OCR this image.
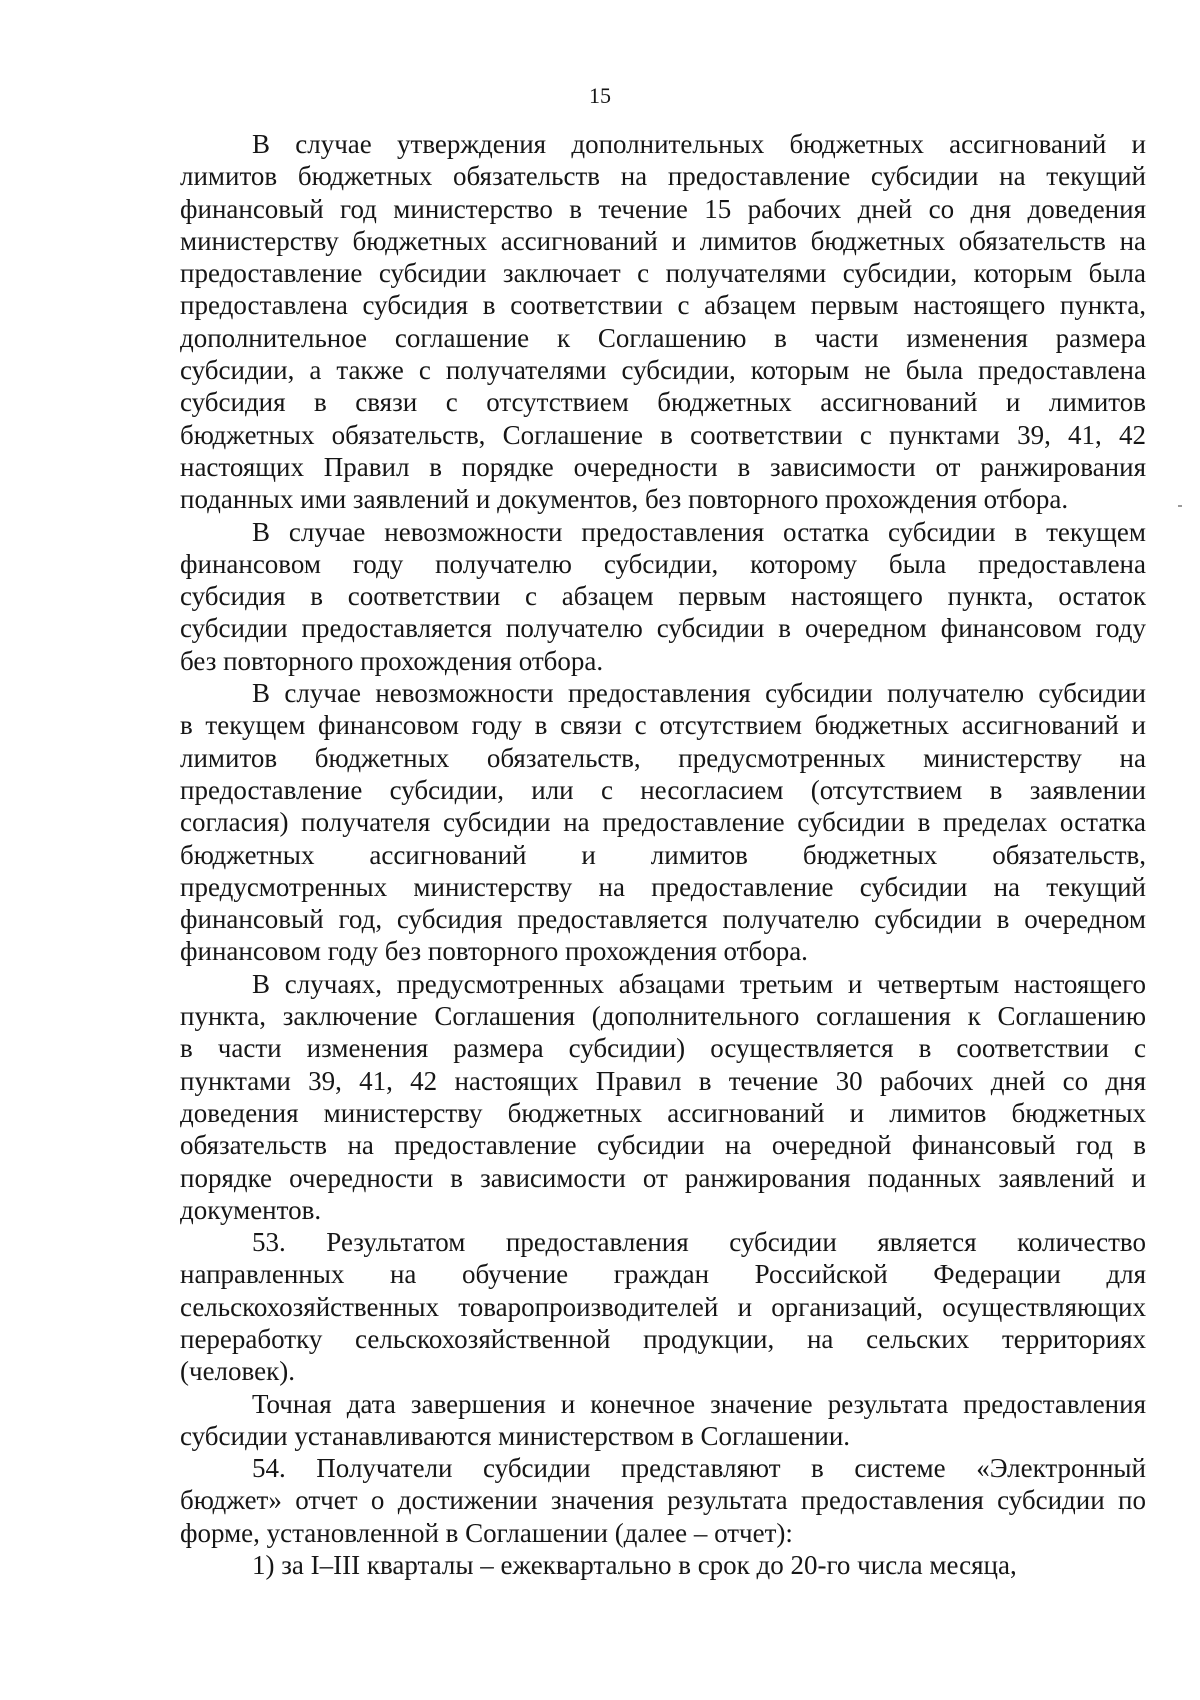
15
В случае утверждения дополнительных бюджетных ассигнований и
лимитов бюджетных обязательств на предоставление субсидии на текущий
финансовый год министерство в течение 15 рабочих дней со дня доведения
министерству бюджетных ассигнований и лимитов бюджетных обязательств на
предоставление субсидии заключает с получателями субсидии, которым была
предоставлена субсидия в соответствии с абзацем первым настоящего пункта,
дополнительное соглашение к Соглашению в части изменения размера
субсидии, а также с получателями субсидии, которым не была предоставлена
субсидия в связи с отсутствием бюджетных ассигнований и лимитов
бюджетных обязательств, Соглашение в соответствии с пунктами 39, 41, 42
настоящих Правил в порядке очередности в зависимости от ранжирования
поданных ими заявлений и документов, без повторного прохождения отбора.
В случае невозможности предоставления остатка субсидии в текущем
финансовом году получателю субсидии, которому была предоставлена
субсидия в соответствии с абзацем первым настоящего пункта, остаток
субсидии предоставляется получателю субсидии в очередном финансовом году
без повторного прохождения отбора.
В случае невозможности предоставления субсидии получателю субсидии
в текущем финансовом году в связи с отсутствием бюджетных ассигнований и
лимитов бюджетных обязательств, предусмотренных министерству на
предоставление субсидии, или с несогласием (отсутствием в заявлении
согласия) получателя субсидии на предоставление субсидии в пределах остатка
бюджетных ассигнований и лимитов бюджетных обязательств,
предусмотренных министерству на предоставление субсидии на текущий
финансовый год, субсидия предоставляется получателю субсидии в очередном
финансовом году без повторного прохождения отбора.
В случаях, предусмотренных абзацами третьим и четвертым настоящего
пункта, заключение Соглашения (дополнительного соглашения к Соглашению
в части изменения размера субсидии) осуществляется в соответствии с
пунктами 39, 41, 42 настоящих Правил в течение 30 рабочих дней со дня
доведения министерству бюджетных ассигнований и лимитов бюджетных
обязательств на предоставление субсидии на очередной финансовый год в
порядке очередности в зависимости от ранжирования поданных заявлений и
документов.
53. Результатом предоставления субсидии является количество
направленных на обучение граждан Российской Федерации для
сельскохозяйственных товаропроизводителей и организаций, осуществляющих
переработку сельскохозяйственной продукции, на сельских территориях
(человек).
Точная дата завершения и конечное значение результата предоставления
субсидии устанавливаются министерством в Соглашении.
54. Получатели субсидии представляют в системе «Электронный
бюджет» отчет о достижении значения результата предоставления субсидии по
форме, установленной в Соглашении (далее – отчет):
1) за I–III кварталы – ежеквартально в срок до 20-го числа месяца,
